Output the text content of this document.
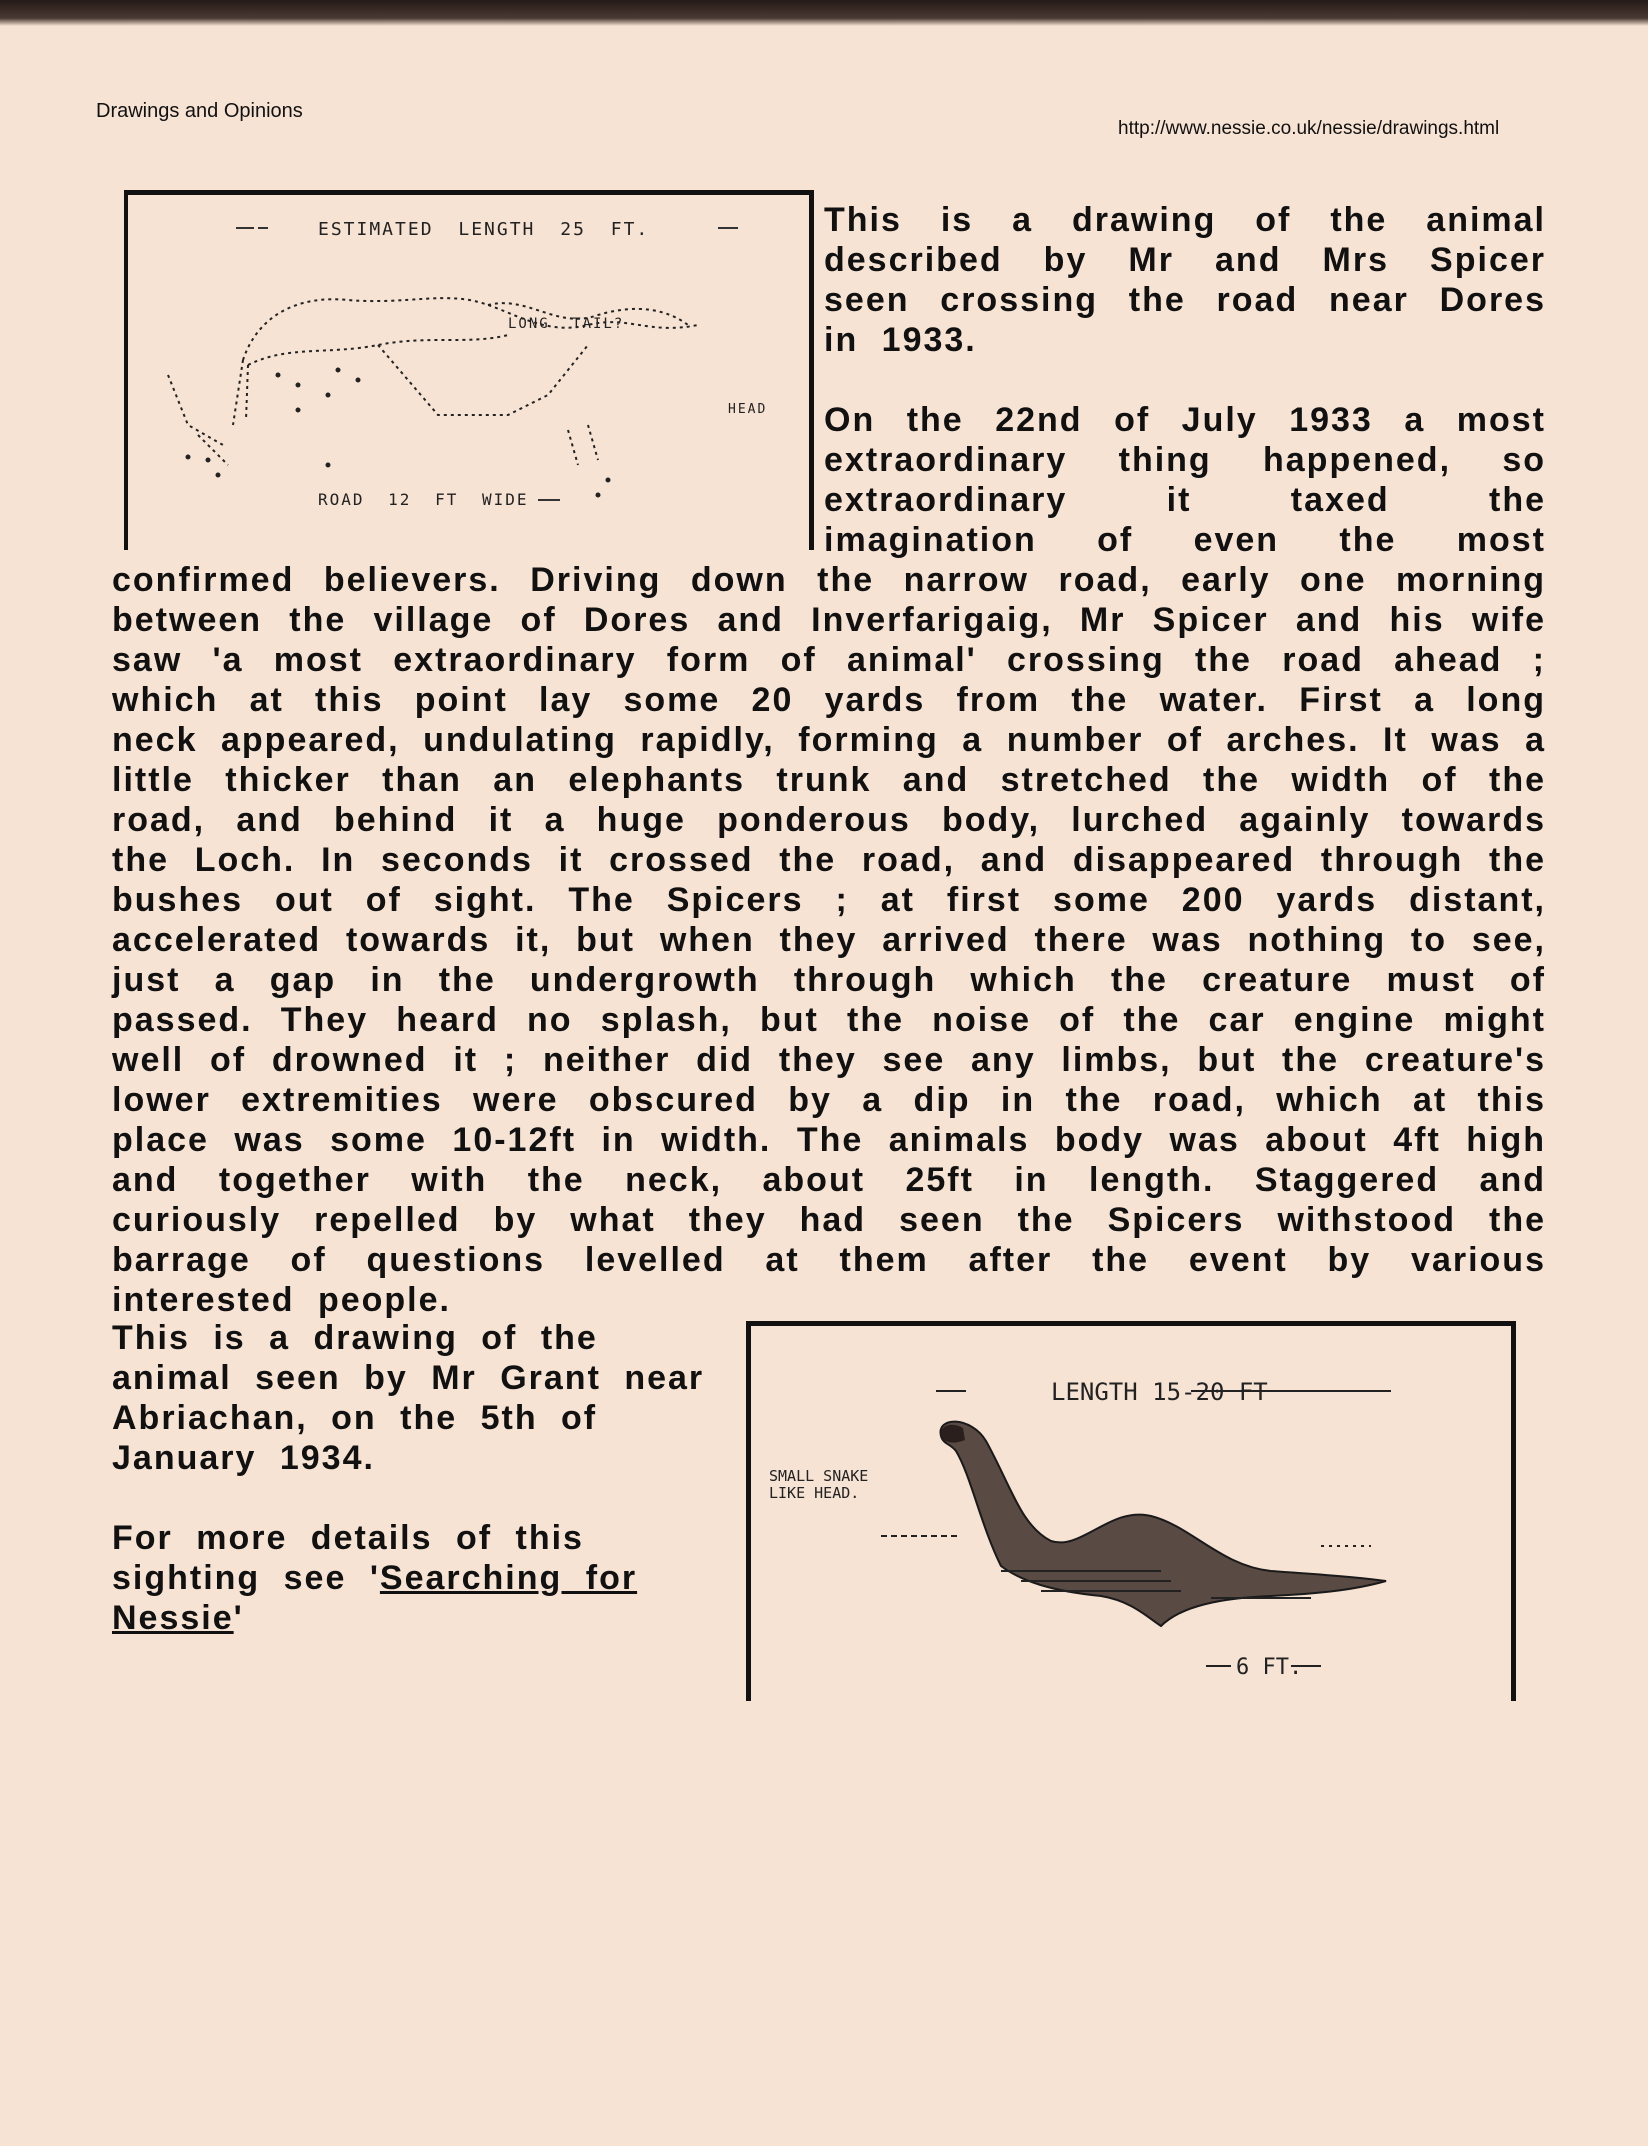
Drawings and Opinions
http://www.nessie.co.uk/nessie/drawings.html
ESTIMATED LENGTH 25 FT.
LONG TAIL?
HEAD
ROAD 12 FT WIDE

This is a drawing of the animal described by Mr and Mrs Spicer seen crossing the road near Dores in 1933.

On the 22nd of July 1933 a most extraordinary thing happened, so extraordinary it taxed the imagination of even the most confirmed believers. Driving down the narrow road, early one morning between the village of Dores and Inverfarigaig, Mr Spicer and his wife saw 'a most extraordinary form of animal' crossing the road ahead ; which at this point lay some 20 yards from the water. First a long neck appeared, undulating rapidly, forming a number of arches. It was a little thicker than an elephants trunk and stretched the width of the road, and behind it a huge ponderous body, lurched againly towards the Loch. In seconds it crossed the road, and disappeared through the bushes out of sight. The Spicers ; at first some 200 yards distant, accelerated towards it, but when they arrived there was nothing to see, just a gap in the undergrowth through which the creature must of passed. They heard no splash, but the noise of the car engine might well of drowned it ; neither did they see any limbs, but the creature's lower extremities were obscured by a dip in the road, which at this place was some 10-12ft in width. The animals body was about 4ft high and together with the neck, about 25ft in length. Staggered and curiously repelled by what they had seen the Spicers withstood the barrage of questions levelled at them after the event by various interested people.

This is a drawing of the animal seen by Mr Grant near Abriachan, on the 5th of January 1934.

For more details of this sighting see 'Searching for Nessie'

LENGTH 15-20 FT
SMALL SNAKE
LIKE HEAD.
6 FT.
